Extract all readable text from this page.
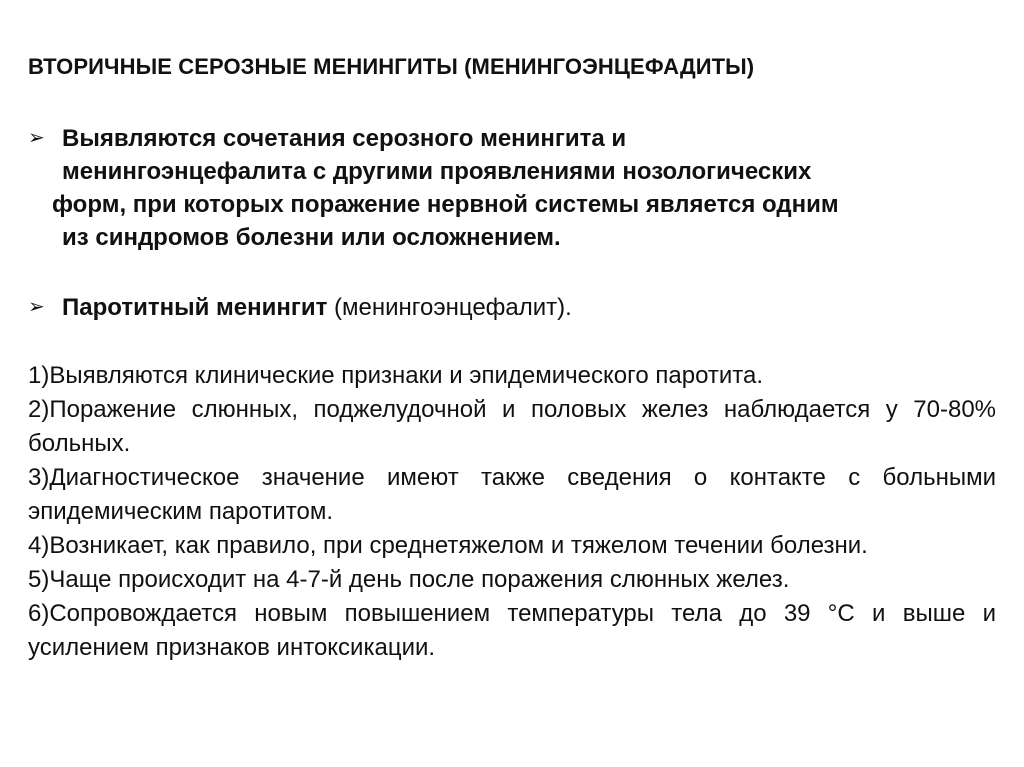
ВТОРИЧНЫЕ СЕРОЗНЫЕ МЕНИНГИТЫ (МЕНИНГОЭНЦЕФАДИТЫ)
➢ Выявляются сочетания серозного менингита и
менингоэнцефалита с другими проявлениями нозологических
форм, при которых поражение нервной системы является одним
из синдромов болезни или осложнением.
➢ Паротитный менингит (менингоэнцефалит).

1)Выявляются клинические признаки и эпидемического паротита.

2)Поражение слюнных, поджелудочной и половых желез наблюдается у 70-80% больных.

3)Диагностическое значение имеют также сведения о контакте с больными эпидемическим паротитом.

4)Возникает, как правило, при среднетяжелом и тяжелом течении болезни.

5)Чаще происходит на 4-7-й день после поражения слюнных желез.

6)Сопровождается новым повышением температуры тела до 39 °С и выше и усилением признаков интоксикации.
